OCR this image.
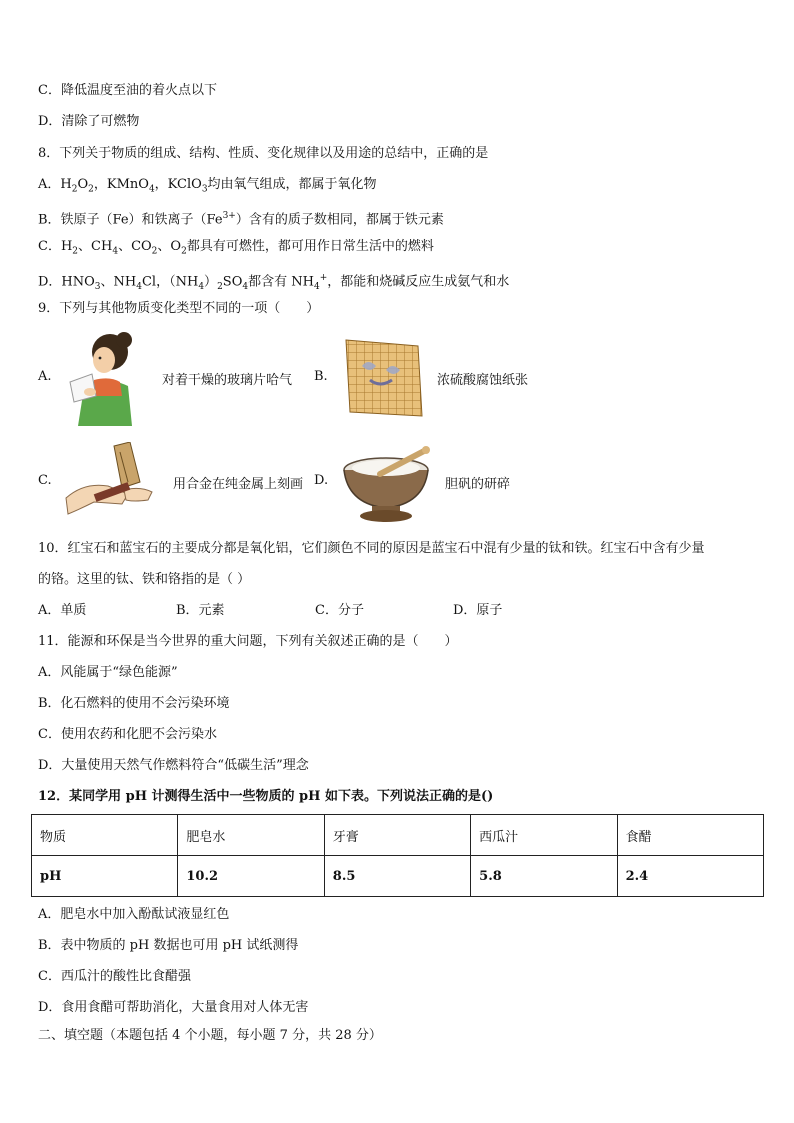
C．降低温度至油的着火点以下
D．清除了可燃物
8．下列关于物质的组成、结构、性质、变化规律以及用途的总结中，正确的是
A．$H_2O_2$，KMnO$_4$，KClO$_3$均由氧气组成，都属于氧化物
B．铁原子（Fe）和铁离子$(Fe^{3+})$含有的质子数相同，都属于铁元素
C．$H_2$、$CH_4$、$CO_2$、$O_2$都具有可燃性，都可用作日常生活中的燃料
D．$HNO_3$、$NH_4Cl$，$(NH_4)_2SO_4$都含有 $NH_4^+$，都能和烧碱反应生成氨气和水
9．下列与其他物质变化类型不同的一项（　　）
A.	对着干燥的玻璃片哈气 B.	浓硫酸腐蚀纸张
C.	用合金在纯金属上刻画 D.	胆矾的研碎
10．红宝石和蓝宝石的主要成分都是氧化铝，它们颜色不同的原因是蓝宝石中混有少量的钛和铁。红宝石中含有少量
的铬。这里的钛、铁和铬指的是（ ）
A．单质	B．元素	C．分子	D．原子
11．能源和环保是当今世界的重大问题，下列有关叙述正确的是（　　）
A．风能属于“绿色能源”
B．化石燃料的使用不会污染环境
C．使用农药和化肥不会污染水
D．大量使用天然气作燃料符合“低碳生活”理念
12．某同学用 pH 计测得生活中一些物质的 pH 如下表。下列说法正确的是()
物质	肥皂水	牙膏	西瓜汁	食醋
pH	10.2	8.5	5.8	2.4
A．肥皂水中加入酚酞试液显红色
B．表中物质的 pH 数据也可用 pH 试纸测得
C．西瓜汁的酸性比食醋强
D．食用食醋可帮助消化，大量食用对人体无害
二、填空题（本题包括 4 个小题，每小题 7 分，共 28 分）
